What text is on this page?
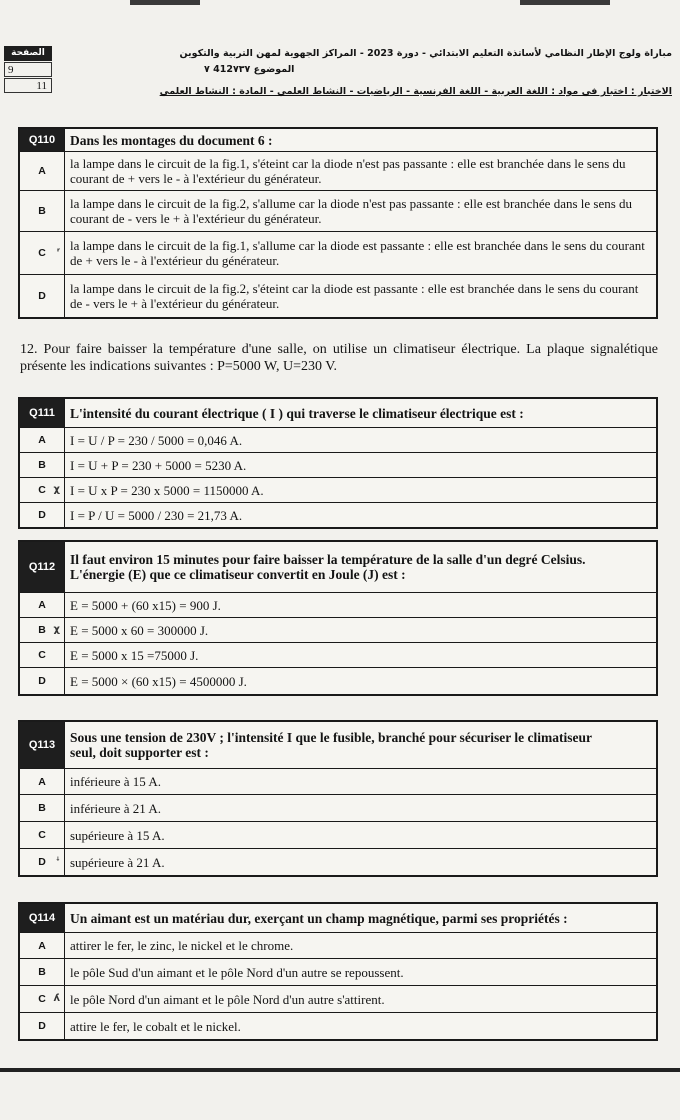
الصفحة
9
11
مباراة ولوج الإطار النظامي لأساتذة التعليم الابتدائي - دورة 2023 - المراكز الجهوية لمهن التربية والتكوين
الموضوع 412٧٣٧ ٧
الاختبار : اختبار في مواد : اللغة العربية - اللغة الفرنسية - الرياضيات - النشاط العلمي - المادة : النشاط العلمي
Q110	Dans les montages du document 6 :
A	la lampe dans le circuit de la fig.1, s'éteint car la diode n'est pas passante : elle est branchée dans le sens du courant de + vers le - à l'extérieur du générateur.
B	la lampe dans le circuit de la fig.2, s'allume car la diode n'est pas passante : elle est branchée dans le sens du courant de - vers le + à l'extérieur du générateur.
C ʳ la lampe dans le circuit de la fig.1, s'allume car la diode est passante : elle est branchée dans le sens du courant de + vers le - à l'extérieur du générateur.
D	la lampe dans le circuit de la fig.2, s'éteint car la diode est passante : elle est branchée dans le sens du courant de - vers le + à l'extérieur du générateur.
12. Pour faire baisser la température d'une salle, on utilise un climatiseur électrique. La plaque signalétique présente les indications suivantes : P=5000 W, U=230 V.
Q111	L'intensité du courant électrique ( I ) qui traverse le climatiseur électrique est :
A	I = U / P = 230 / 5000 = 0,046 A.
B	I = U + P = 230 + 5000 = 5230 A.
C χ I = U x P = 230 x 5000 = 1150000 A.
D	I = P / U = 5000 / 230 = 21,73 A.
Q112	Il faut environ 15 minutes pour faire baisser la température de la salle d'un degré Celsius.
L'énergie (E) que ce climatiseur convertit en Joule (J) est :
A	E = 5000 + (60 x15) = 900 J.
B χ E = 5000 x 60 = 300000 J.
C	E = 5000 x 15 =75000 J.
D	E = 5000 × (60 x15) = 4500000 J.
Q113	Sous une tension de 230V ; l'intensité I que le fusible, branché pour sécuriser le climatiseur
seul, doit supporter est :
A	inférieure à 15 A.
B	inférieure à 21 A.
C	supérieure à 15 A.
D ꜜ supérieure à 21 A.
Q114	Un aimant est un matériau dur, exerçant un champ magnétique, parmi ses propriétés :
A	attirer le fer, le zinc, le nickel et le chrome.
B	le pôle Sud d'un aimant et le pôle Nord d'un autre se repoussent.
C ʎ le pôle Nord d'un aimant et le pôle Nord d'un autre s'attirent.
D	attire le fer, le cobalt et le nickel.
